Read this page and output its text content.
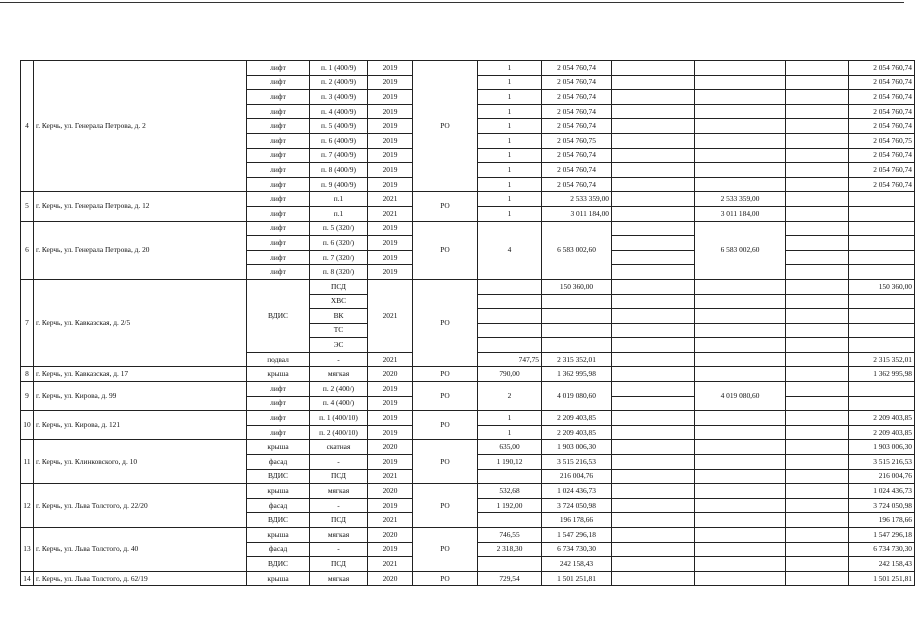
4	г. Керчь, ул. Генерала Петрова, д. 2	лифт	п. 1 (400/9)	2019	РО	1	2 054 760,74				2 054 760,74
		лифт	п. 2 (400/9)	2019		1	2 054 760,74				2 054 760,74
		лифт	п. 3 (400/9)	2019		1	2 054 760,74				2 054 760,74
		лифт	п. 4 (400/9)	2019		1	2 054 760,74				2 054 760,74
		лифт	п. 5 (400/9)	2019		1	2 054 760,74				2 054 760,74
		лифт	п. 6 (400/9)	2019		1	2 054 760,75				2 054 760,75
		лифт	п. 7 (400/9)	2019		1	2 054 760,74				2 054 760,74
		лифт	п. 8 (400/9)	2019		1	2 054 760,74				2 054 760,74
		лифт	п. 9 (400/9)	2019		1	2 054 760,74				2 054 760,74
5	г. Керчь, ул. Генерала Петрова, д. 12	лифт	п.1	2021	РО	1	2 533 359,00		2 533 359,00		
		лифт	п.1	2021		1	3 011 184,00		3 011 184,00		
6	г. Керчь, ул. Генерала Петрова, д. 20	лифт	п. 5 (320/)	2019	РО	4	6 583 002,60		6 583 002,60		
		лифт	п. 6 (320/)	2019							
		лифт	п. 7 (320/)	2019							
		лифт	п. 8 (320/)	2019							
7	г. Керчь, ул. Кавказская, д. 2/5	ВДИС	ПСД	2021	РО		150 360,00				150 360,00
			ХВС								
			ВК								
			ТС								
			ЭС								
		подвал	-	2021		747,75	2 315 352,01				2 315 352,01
8	г. Керчь, ул. Кавказская, д. 17	крыша	мягкая	2020	РО	790,00	1 362 995,98				1 362 995,98
9	г. Керчь, ул. Кирова, д. 99	лифт	п. 2 (400/)	2019	РО	2	4 019 080,60		4 019 080,60		
		лифт	п. 4 (400/)	2019							
10	г. Керчь, ул. Кирова, д. 121	лифт	п. 1 (400/10)	2019	РО	1	2 209 403,85				2 209 403,85
		лифт	п. 2 (400/10)	2019		1	2 209 403,85				2 209 403,85
11	г. Керчь, ул. Клинковского, д. 10	крыша	скатная	2020	РО	635,00	1 903 006,30				1 903 006,30
		фасад	-	2019		1 190,12	3 515 216,53				3 515 216,53
		ВДИС	ПСД	2021			216 004,76				216 004,76
12	г. Керчь, ул. Льва Толстого, д. 22/20	крыша	мягкая	2020	РО	532,68	1 024 436,73				1 024 436,73
		фасад	-	2019		1 192,00	3 724 050,98				3 724 050,98
		ВДИС	ПСД	2021			196 178,66				196 178,66
13	г. Керчь, ул. Льва Толстого, д. 40	крыша	мягкая	2020	РО	746,55	1 547 296,18				1 547 296,18
		фасад	-	2019		2 318,30	6 734 730,30				6 734 730,30
		ВДИС	ПСД	2021			242 158,43				242 158,43
14	г. Керчь, ул. Льва Толстого, д. 62/19	крыша	мягкая	2020	РО	729,54	1 501 251,81				1 501 251,81
